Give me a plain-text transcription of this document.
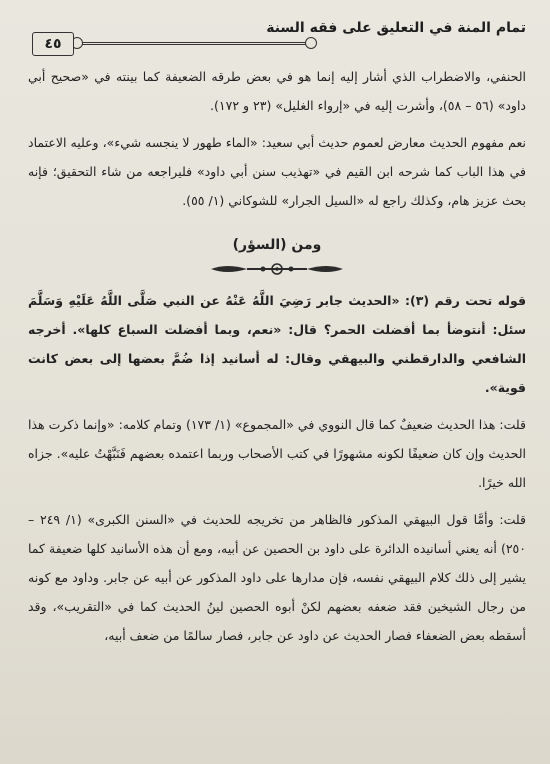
تمام المنة في التعليق على فقه السنة
٤٥

الحنفي، والاضطراب الذي أشار إليه إنما هو في بعض طرقه الضعيفة كما بينته في «صحيح أبي داود» (٥٦ – ٥٨)، وأشرت إليه في «إرواء الغليل» (٢٣ و ١٧٢).

نعم مفهوم الحديث معارض لعموم حديث أبي سعيد: «الماء طهور لا ينجسه شيء»، وعليه الاعتماد في هذا الباب كما شرحه ابن القيم في «تهذيب سنن أبي داود» فليراجعه من شاء التحقيق؛ فإنه بحث عزيز هام، وكذلك راجع له «السيل الجرار» للشوكاني (١/ ٥٥).

ومن (السؤر)

قوله تحت رقم (٣): «الحديث جابر رَضِيَ اللَّهُ عَنْهُ عن النبي صَلَّى اللَّهُ عَلَيْهِ وَسَلَّمَ سئل: أنتوضأ بما أفضلت الحمر؟ قال: «نعم، وبما أفضلت السباع كلها». أخرجه الشافعي والدارقطني والبيهقي وقال: له أسانيد إذا ضُمَّ بعضها إلى بعض كانت قوية».

قلت: هذا الحديث ضعيفٌ كما قال النووي في «المجموع» (١/ ١٧٣) وتمام كلامه: «وإنما ذكرت هذا الحديث وإن كان ضعيفًا لكونه مشهورًا في كتب الأصحاب وربما اعتمده بعضهم فَنَبَّهْتُ عليه». جزاه الله خيرًا.

قلت: وأمَّا قول البيهقي المذكور فالظاهر من تخريجه للحديث في «السنن الكبرى» (١/ ٢٤٩ – ٢٥٠) أنه يعني أسانيده الدائرة على داود بن الحصين عن أبيه، ومع أن هذه الأسانيد كلها ضعيفة كما يشير إلى ذلك كلام البيهقي نفسه، فإن مدارها على داود المذكور عن أبيه عن جابر. وداود مع كونه من رجال الشيخين فقد ضعفه بعضهم لكنْ أبوه الحصين لينُ الحديث كما في «التقريب»، وقد أسقطه بعض الضعفاء فصار الحديث عن داود عن جابر، فصار سالمًا من ضعف أبيه،
